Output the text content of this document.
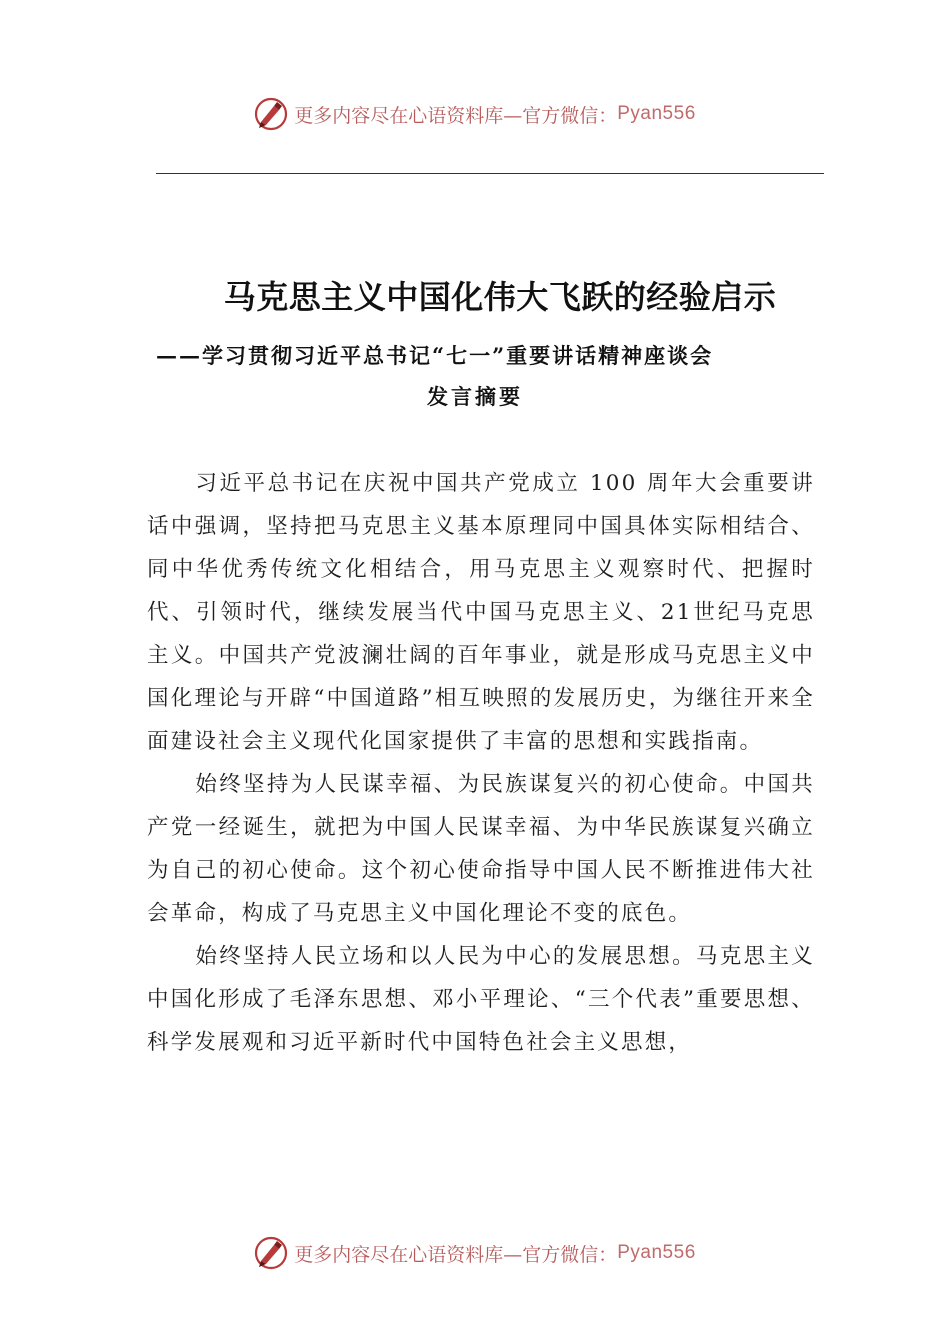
更多内容尽在心语资料库—官方微信： Pyan556
马克思主义中国化伟大飞跃的经验启示
——学习贯彻习近平总书记“七一”重要讲话精神座谈会
发言摘要

习近平总书记在庆祝中国共产党成立 100 周年大会重要讲话中强调，坚持把马克思主义基本原理同中国具体实际相结合、同中华优秀传统文化相结合，用马克思主义观察时代、把握时代、引领时代，继续发展当代中国马克思主义、21世纪马克思主义。中国共产党波澜壮阔的百年事业，就是形成马克思主义中国化理论与开辟“中国道路”相互映照的发展历史，为继往开来全面建设社会主义现代化国家提供了丰富的思想和实践指南。

始终坚持为人民谋幸福、为民族谋复兴的初心使命。中国共产党一经诞生，就把为中国人民谋幸福、为中华民族谋复兴确立为自己的初心使命。这个初心使命指导中国人民不断推进伟大社会革命，构成了马克思主义中国化理论不变的底色。

始终坚持人民立场和以人民为中心的发展思想。马克思主义中国化形成了毛泽东思想、邓小平理论、“三个代表”重要思想、科学发展观和习近平新时代中国特色社会主义思想，

更多内容尽在心语资料库—官方微信： Pyan556
